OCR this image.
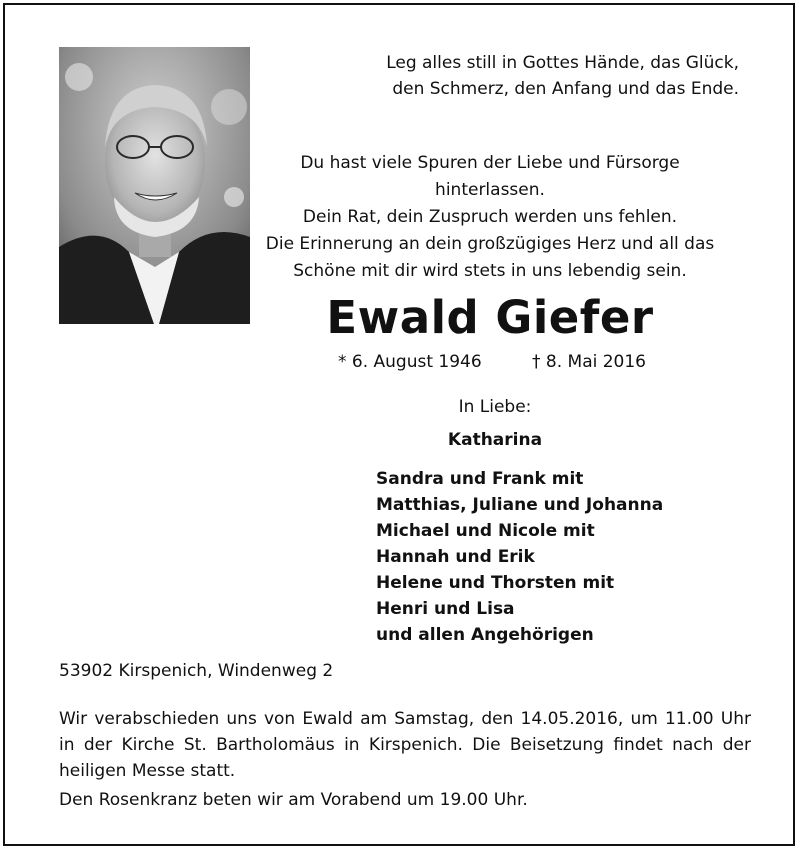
Leg alles still in Gottes Hände, das Glück,

den Schmerz, den Anfang und das Ende.

Du hast viele Spuren der Liebe und Fürsorge hinterlassen.

Dein Rat, dein Zuspruch werden uns fehlen.

Die Erinnerung an dein großzügiges Herz und all das

Schöne mit dir wird stets in uns lebendig sein.

Ewald Giefer
* 6. August 1946	† 8. Mai 2016
In Liebe:
Katharina
Sandra und Frank mit
Matthias, Juliane und Johanna
Michael und Nicole mit
Hannah und Erik
Helene und Thorsten mit
Henri und Lisa
und allen Angehörigen
53902 Kirspenich, Windenweg 2
Wir verabschieden uns von Ewald am Samstag, den 14.05.2016, um 11.00 Uhr in der Kirche St. Bartholomäus in Kirspenich. Die Beisetzung findet nach der heiligen Messe statt.
Den Rosenkranz beten wir am Vorabend um 19.00 Uhr.
